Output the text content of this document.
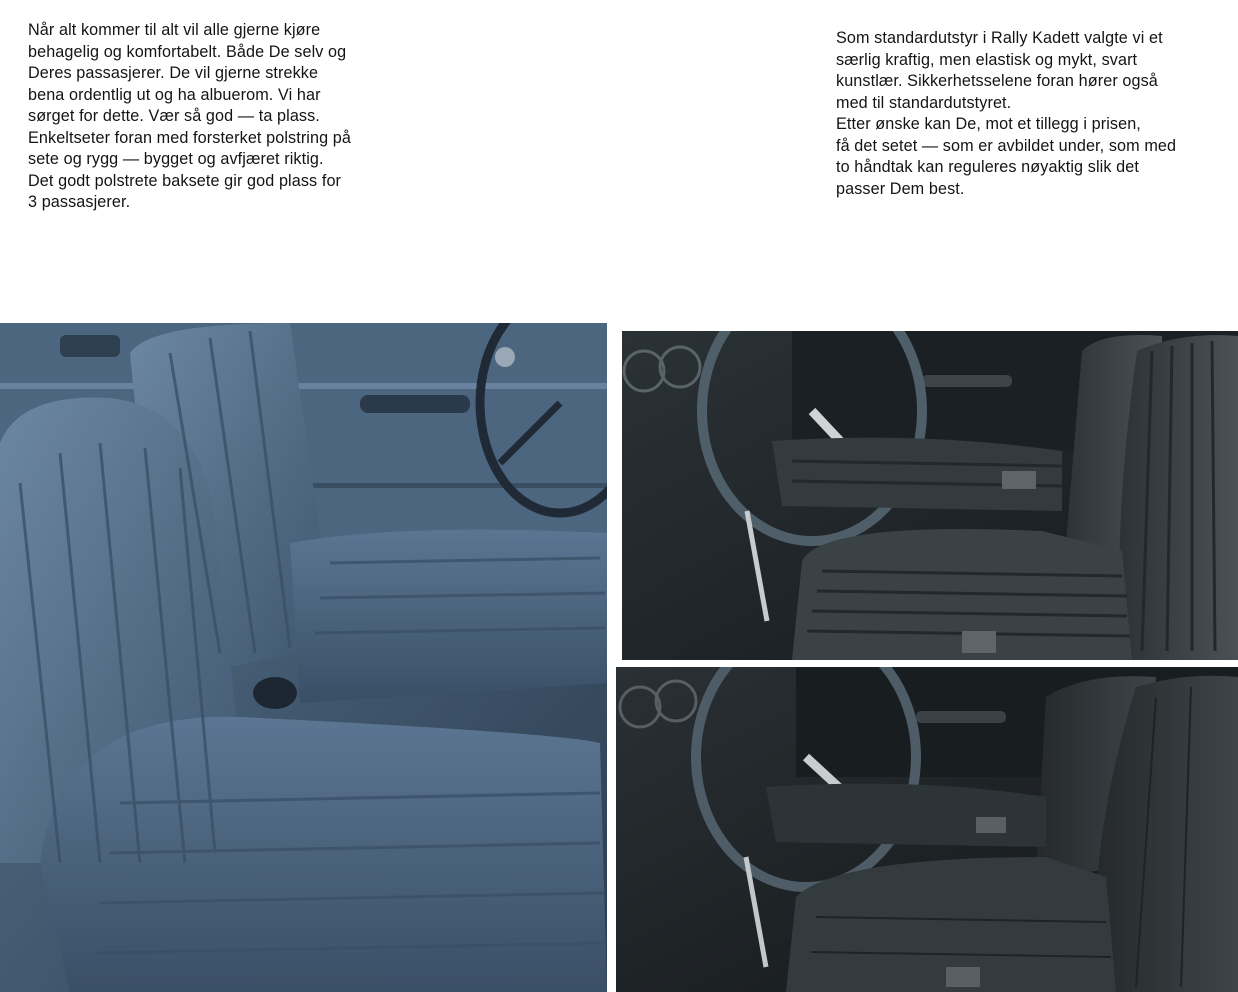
Når alt kommer til alt vil alle gjerne kjøre
behagelig og komfortabelt. Både De selv og
Deres passasjerer. De vil gjerne strekke
bena ordentlig ut og ha albuerom. Vi har
sørget for dette. Vær så god — ta plass.
Enkeltseter foran med forsterket polstring på
sete og rygg — bygget og avfjæret riktig.
Det godt polstrete baksete gir god plass for
3 passasjerer.
Som standardutstyr i Rally Kadett valgte vi et
særlig kraftig, men elastisk og mykt, svart
kunstlær. Sikkerhetsselene foran hører også
med til standardutstyret.
Etter ønske kan De, mot et tillegg i prisen,
få det setet — som er avbildet under, som med
to håndtak kan reguleres nøyaktig slik det
passer Dem best.
